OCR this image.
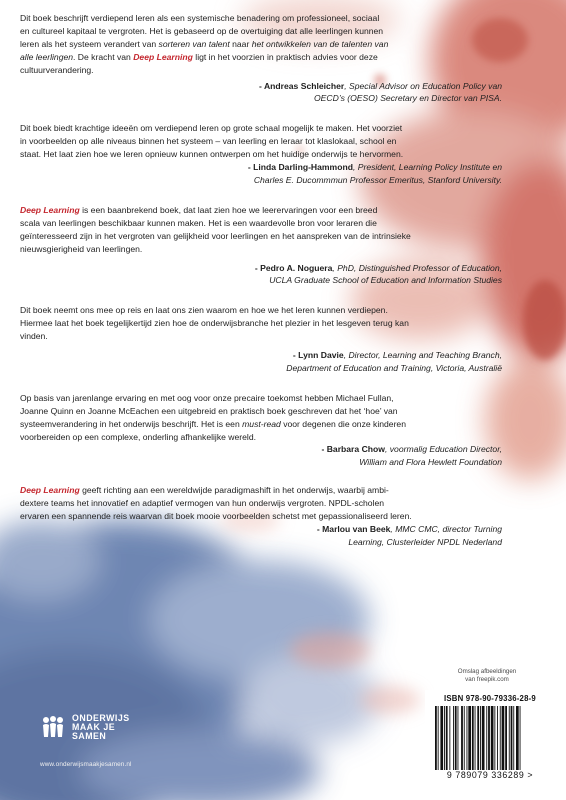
Dit boek beschrijft verdiepend leren als een systemische benadering om professioneel, sociaal

en cultureel kapitaal te vergroten. Het is gebaseerd op de overtuiging dat alle leerlingen kunnen

leren als het systeem verandert van sorteren van talent naar het ontwikkelen van de talenten van

alle leerlingen. De kracht van Deep Learning ligt in het voorzien in praktisch advies voor deze

cultuurverandering.

- Andreas Schleicher, Special Advisor on Education Policy van
OECD’s (OESO) Secretary en Director van PISA.

Dit boek biedt krachtige ideeën om verdiepend leren op grote schaal mogelijk te maken. Het voorziet

in voorbeelden op alle niveaus binnen het systeem – van leerling en leraar tot klaslokaal, school en

staat. Het laat zien hoe we leren opnieuw kunnen ontwerpen om het huidige onderwijs te hervormen.

- Linda Darling-Hammond, President, Learning Policy Institute en
Charles E. Ducommmun Professor Emeritus, Stanford University.

Deep Learning is een baanbrekend boek, dat laat zien hoe we leerervaringen voor een breed

scala van leerlingen beschikbaar kunnen maken. Het is een waardevolle bron voor leraren die

geïnteresseerd zijn in het vergroten van gelijkheid voor leerlingen en het aanspreken van de intrinsieke

nieuwsgierigheid van leerlingen.

- Pedro A. Noguera, PhD, Distinguished Professor of Education,
UCLA Graduate School of Education and Information Studies

Dit boek neemt ons mee op reis en laat ons zien waarom en hoe we het leren kunnen verdiepen.

Hiermee laat het boek tegelijkertijd zien hoe de onderwijsbranche het plezier in het lesgeven terug kan

vinden.

- Lynn Davie, Director, Learning and Teaching Branch,
Department of Education and Training, Victoria, Australië

Op basis van jarenlange ervaring en met oog voor onze precaire toekomst hebben Michael Fullan,

Joanne Quinn en Joanne McEachen een uitgebreid en praktisch boek geschreven dat het ‘hoe’ van

systeemverandering in het onderwijs beschrijft. Het is een must-read voor degenen die onze kinderen

voorbereiden op een complexe, onderling afhankelijke wereld.

- Barbara Chow, voormalig Education Director,
William and Flora Hewlett Foundation

Deep Learning geeft richting aan een wereldwijde paradigmashift in het onderwijs, waarbij ambi-

dextere teams het innovatief en adaptief vermogen van hun onderwijs vergroten. NPDL-scholen

ervaren een spannende reis waarvan dit boek mooie voorbeelden schetst met gepassionaliseerd leren.

- Marlou van Beek, MMC CMC, director Turning
Learning, Clusterleider NPDL Nederland
Omslag afbeeldingen
van freepik.com
ISBN 978-90-79336-28-9
9 789079 336289 >
ONDERWIJS
MAAK JE
SAMEN
www.onderwijsmaakjesamen.nl
